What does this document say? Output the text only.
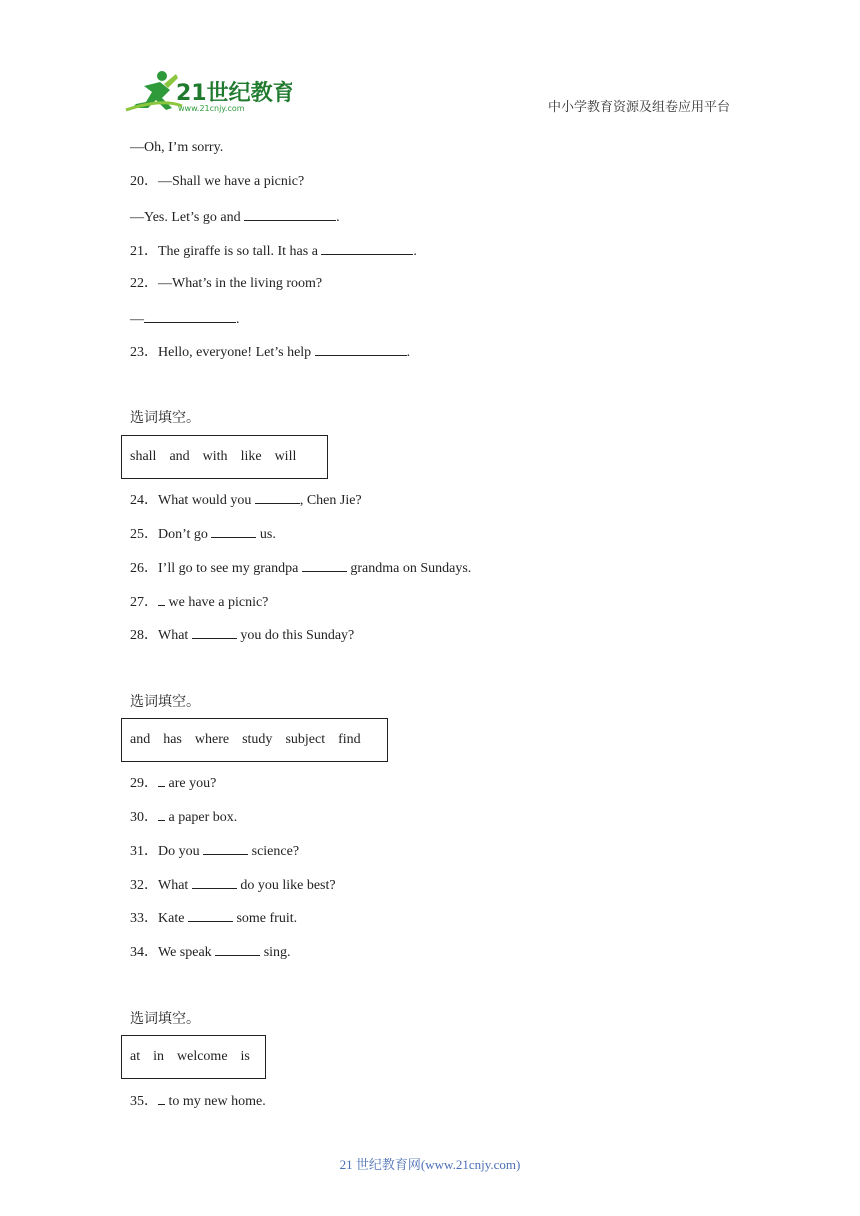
21世纪教育
www.21cnjy.com	中小学教育资源及组卷应用平台
—Oh, I’m sorry.
20．—Shall we have a picnic?
—Yes. Let’s go and	.
21．The giraffe is so tall. It has a	.
22．—What’s in the living room?
—	.
23．Hello, everyone! Let’s help	.
选词填空。
shall and with like will
24．What would you	, Chen Jie?
25．Don’t go	us.
26．I’ll go to see my grandpa	grandma on Sundays.
27． we have a picnic?
28．What	you do this Sunday?
选词填空。
and has where study subject find
29． are you?
30． a paper box.
31．Do you	science?
32．What	do you like best?
33．Kate	some fruit.
34．We speak	sing.
选词填空。
at in welcome is
35． to my new home.
21 世纪教育网(www.21cnjy.com)
